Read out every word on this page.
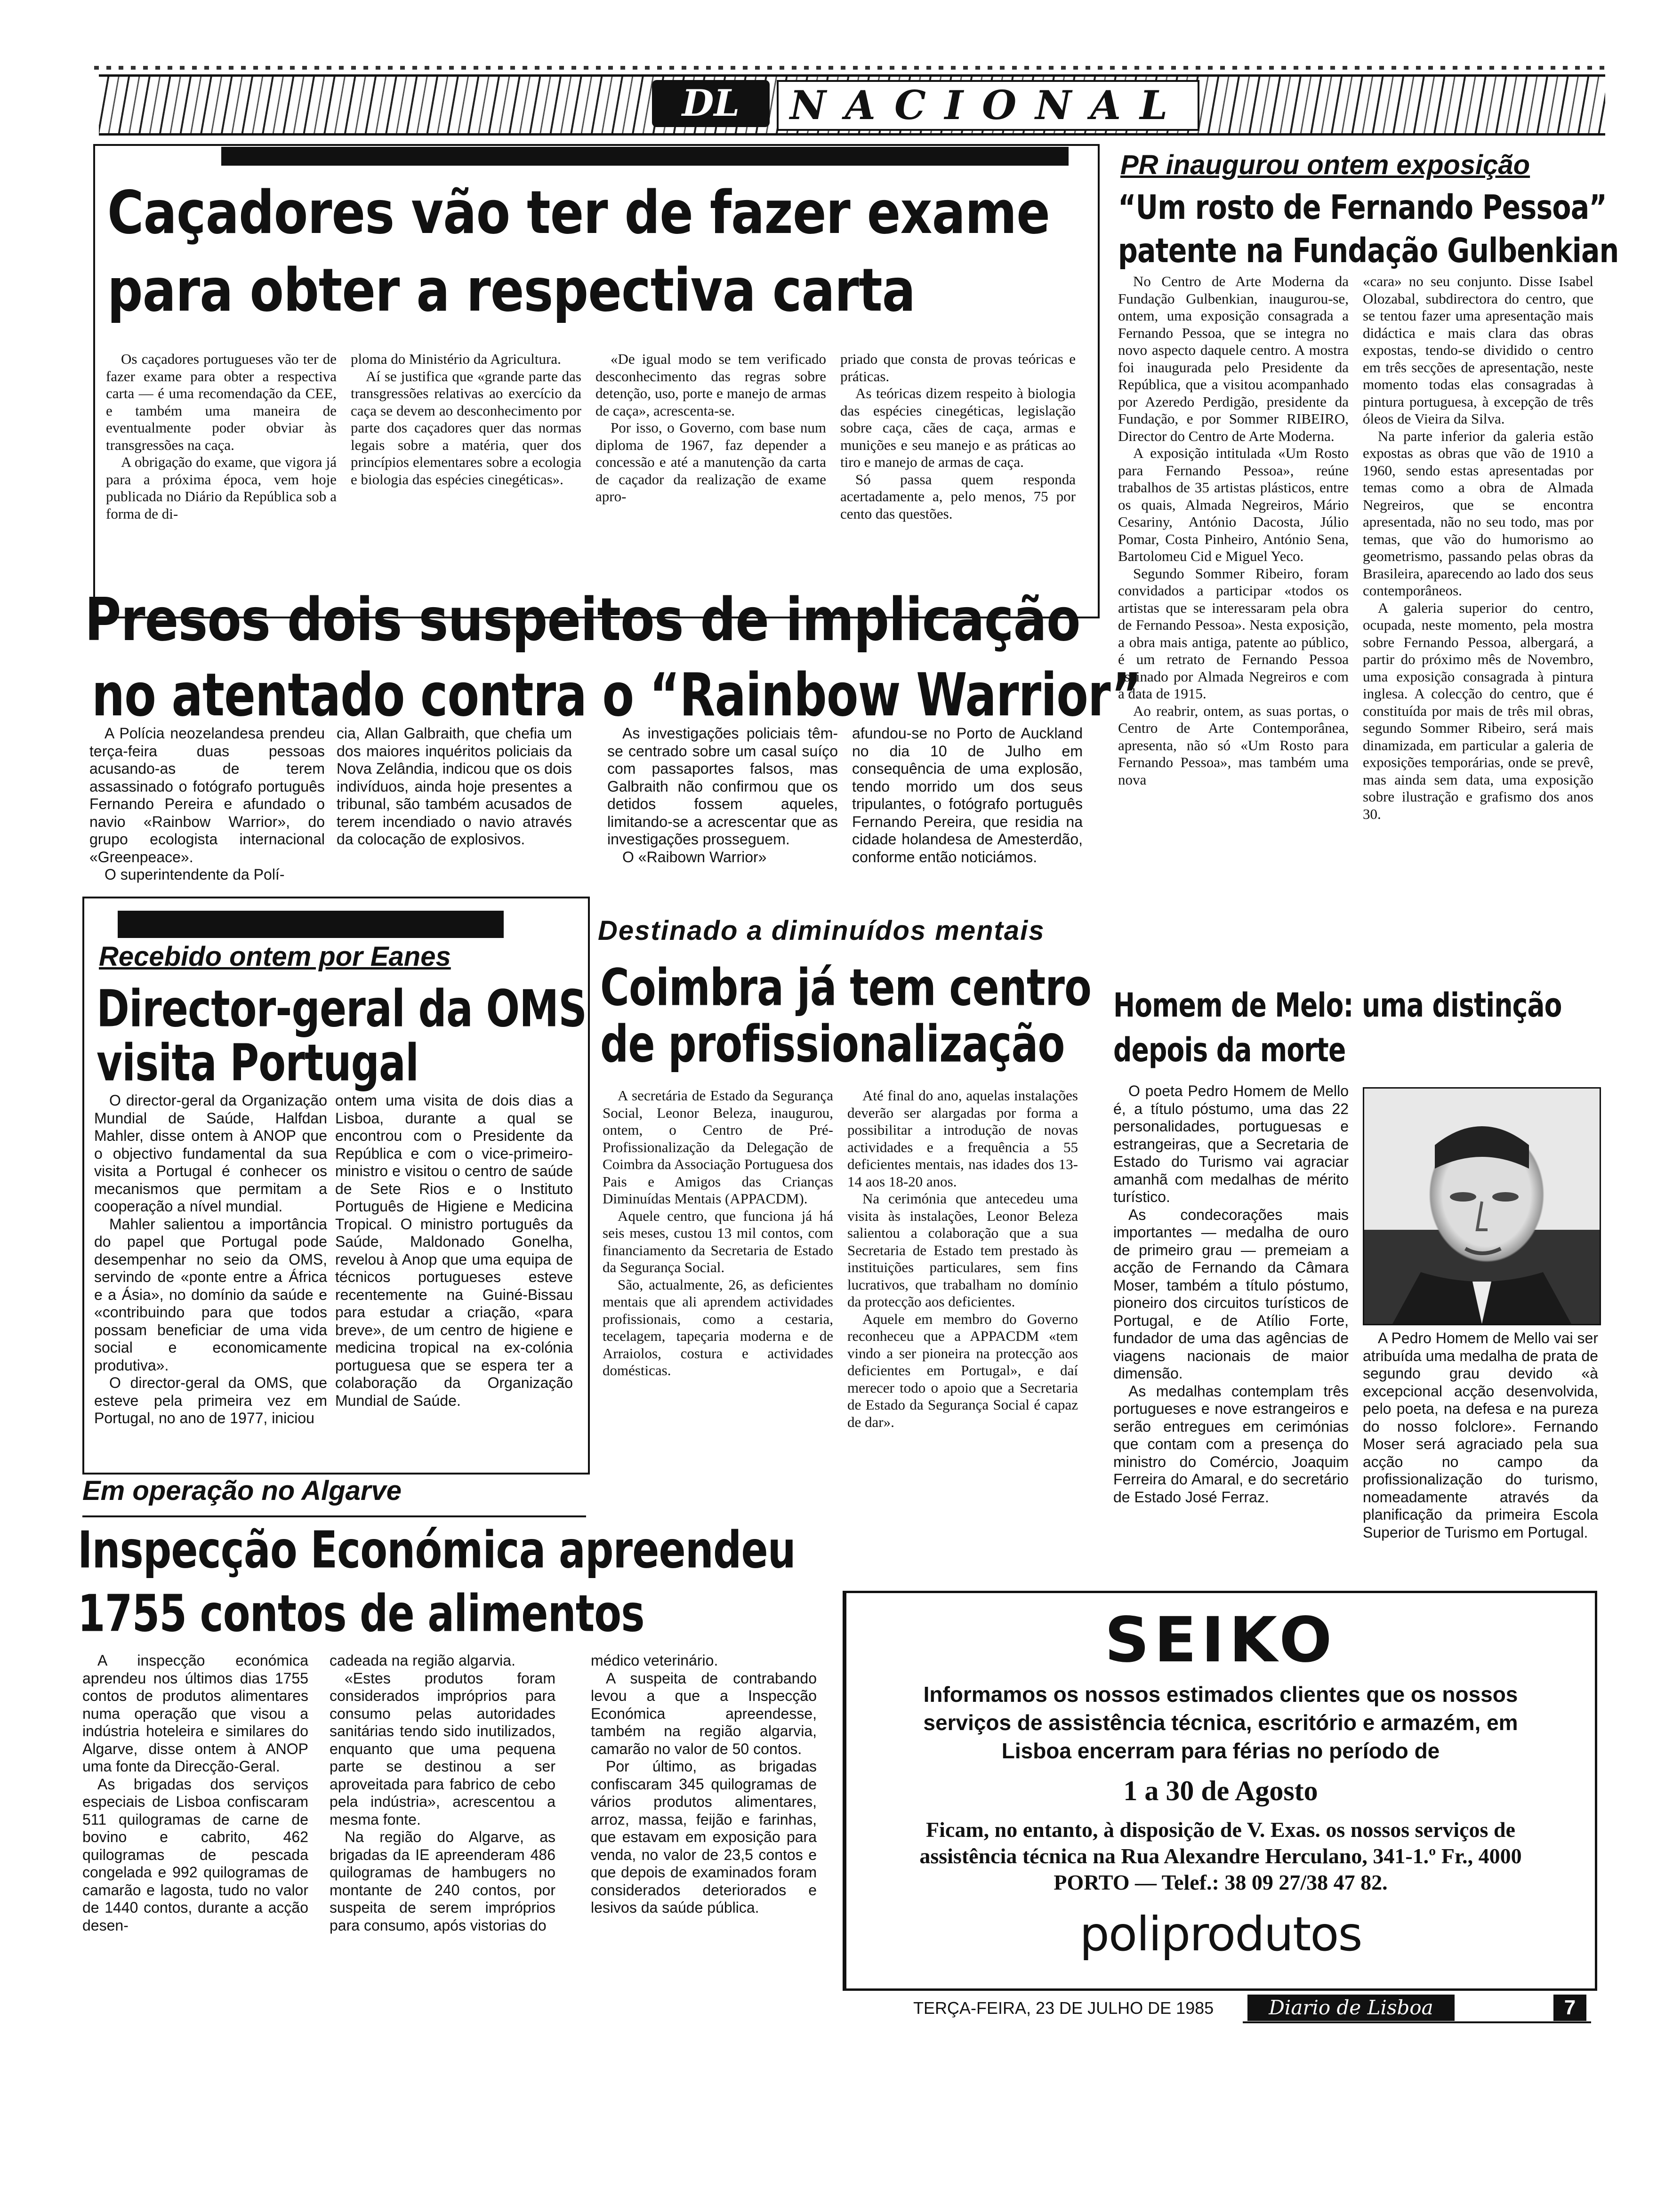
DL	NACIONAL
Caçadores vão ter de fazer exame
para obter a respectiva carta

Os caçadores portugueses vão ter de fazer exame para obter a respectiva carta — é uma recomendação da CEE, e também uma maneira de eventualmente poder obviar às transgressões na caça.

A obrigação do exame, que vigora já para a próxima época, vem hoje publicada no Diário da República sob a forma de di-

ploma do Ministério da Agricultura.

Aí se justifica que «grande parte das transgressões relativas ao exercício da caça se devem ao desconhecimento por parte dos caçadores quer das normas legais sobre a matéria, quer dos princípios elementares sobre a ecologia e biologia das espécies cinegéticas».

«De igual modo se tem verificado desconhecimento das regras sobre detenção, uso, porte e manejo de armas de caça», acrescenta-se.

Por isso, o Governo, com base num diploma de 1967, faz depender a concessão e até a manutenção da carta de caçador da realização de exame apro-

priado que consta de provas teóricas e práticas.

As teóricas dizem respeito à biologia das espécies cinegéticas, legislação sobre caça, cães de caça, armas e munições e seu manejo e as práticas ao tiro e manejo de armas de caça.

Só passa quem responda acertadamente a, pelo menos, 75 por cento das questões.

PR inaugurou ontem exposição
“Um rosto de Fernando Pessoa”
patente na Fundação Gulbenkian

No Centro de Arte Moderna da Fundação Gulbenkian, inaugurou-se, ontem, uma exposição consagrada a Fernando Pessoa, que se integra no novo aspecto daquele centro. A mostra foi inaugurada pelo Presidente da República, que a visitou acompanhado por Azeredo Perdigão, presidente da Fundação, e por Sommer RIBEIRO, Director do Centro de Arte Moderna.

A exposição intitulada «Um Rosto para Fernando Pessoa», reúne trabalhos de 35 artistas plásticos, entre os quais, Almada Negreiros, Mário Cesariny, António Dacosta, Júlio Pomar, Costa Pinheiro, António Sena, Bartolomeu Cid e Miguel Yeco.

Segundo Sommer Ribeiro, foram convidados a participar «todos os artistas que se interessaram pela obra de Fernando Pessoa». Nesta exposição, a obra mais antiga, patente ao público, é um retrato de Fernando Pessoa assinado por Almada Negreiros e com a data de 1915.

Ao reabrir, ontem, as suas portas, o Centro de Arte Contemporânea, apresenta, não só «Um Rosto para Fernando Pessoa», mas também uma nova

«cara» no seu conjunto. Disse Isabel Olozabal, subdirectora do centro, que se tentou fazer uma apresentação mais didáctica e mais clara das obras expostas, tendo-se dividido o centro em três secções de apresentação, neste momento todas elas consagradas à pintura portuguesa, à excepção de três óleos de Vieira da Silva.

Na parte inferior da galeria estão expostas as obras que vão de 1910 a 1960, sendo estas apresentadas por temas como a obra de Almada Negreiros, que se encontra apresentada, não no seu todo, mas por temas, que vão do humorismo ao geometrismo, passando pelas obras da Brasileira, aparecendo ao lado dos seus contemporâneos.

A galeria superior do centro, ocupada, neste momento, pela mostra sobre Fernando Pessoa, albergará, a partir do próximo mês de Novembro, uma exposição consagrada à pintura inglesa. A colecção do centro, que é constituída por mais de três mil obras, segundo Sommer Ribeiro, será mais dinamizada, em particular a galeria de exposições temporárias, onde se prevê, mas ainda sem data, uma exposição sobre ilustração e grafismo dos anos 30.

Presos dois suspeitos de implicação
no atentado contra o “Rainbow Warrior”

A Polícia neozelandesa prendeu terça-feira duas pessoas acusando-as de terem assassinado o fotógrafo português Fernando Pereira e afundado o navio «Rainbow Warrior», do grupo ecologista internacional «Greenpeace».

O superintendente da Polí-

cia, Allan Galbraith, que chefia um dos maiores inquéritos policiais da Nova Zelândia, indicou que os dois indivíduos, ainda hoje presentes a tribunal, são também acusados de terem incendiado o navio através da colocação de explosivos.

As investigações policiais têm-se centrado sobre um casal suíço com passaportes falsos, mas Galbraith não confirmou que os detidos fossem aqueles, limitando-se a acrescentar que as investigações prosseguem.

O «Raibown Warrior»

afundou-se no Porto de Auckland no dia 10 de Julho em consequência de uma explosão, tendo morrido um dos seus tripulantes, o fotógrafo português Fernando Pereira, que residia na cidade holandesa de Amesterdão, conforme então noticiámos.

Recebido ontem por Eanes
Director-geral da OMS
visita Portugal

O director-geral da Organização Mundial de Saúde, Halfdan Mahler, disse ontem à ANOP que o objectivo fundamental da sua visita a Portugal é conhecer os mecanismos que permitam a cooperação a nível mundial.

Mahler salientou a importância do papel que Portugal pode desempenhar no seio da OMS, servindo de «ponte entre a África e a Ásia», no domínio da saúde e «contribuindo para que todos possam beneficiar de uma vida social e economicamente produtiva».

O director-geral da OMS, que esteve pela primeira vez em Portugal, no ano de 1977, iniciou

ontem uma visita de dois dias a Lisboa, durante a qual se encontrou com o Presidente da República e com o vice-primeiro-ministro e visitou o centro de saúde de Sete Rios e o Instituto Português de Higiene e Medicina Tropical. O ministro português da Saúde, Maldonado Gonelha, revelou à Anop que uma equipa de técnicos portugueses esteve recentemente na Guiné-Bissau para estudar a criação, «para breve», de um centro de higiene e medicina tropical na ex-colónia portuguesa que se espera ter a colaboração da Organização Mundial de Saúde.

Destinado a diminuídos mentais
Coimbra já tem centro
de profissionalização

A secretária de Estado da Segurança Social, Leonor Beleza, inaugurou, ontem, o Centro de Pré-Profissionalização da Delegação de Coimbra da Associação Portuguesa dos Pais e Amigos das Crianças Diminuídas Mentais (APPACDM).

Aquele centro, que funciona já há seis meses, custou 13 mil contos, com financiamento da Secretaria de Estado da Segurança Social.

São, actualmente, 26, as deficientes mentais que ali aprendem actividades profissionais, como a cestaria, tecelagem, tapeçaria moderna e de Arraiolos, costura e actividades domésticas.

Até final do ano, aquelas instalações deverão ser alargadas por forma a possibilitar a introdução de novas actividades e a frequência a 55 deficientes mentais, nas idades dos 13-14 aos 18-20 anos.

Na cerimónia que antecedeu uma visita às instalações, Leonor Beleza salientou a colaboração que a sua Secretaria de Estado tem prestado às instituições particulares, sem fins lucrativos, que trabalham no domínio da protecção aos deficientes.

Aquele em membro do Governo reconheceu que a APPACDM «tem vindo a ser pioneira na protecção aos deficientes em Portugal», e daí merecer todo o apoio que a Secretaria de Estado da Segurança Social é capaz de dar».

Homem de Melo: uma distinção
depois da morte

O poeta Pedro Homem de Mello é, a título póstumo, uma das 22 personalidades, portuguesas e estrangeiras, que a Secretaria de Estado do Turismo vai agraciar amanhã com medalhas de mérito turístico.

As condecorações mais importantes — medalha de ouro de primeiro grau — premeiam a acção de Fernando da Câmara Moser, também a título póstumo, pioneiro dos circuitos turísticos de Portugal, e de Atílio Forte, fundador de uma das agências de viagens nacionais de maior dimensão.

As medalhas contemplam três portugueses e nove estrangeiros e serão entregues em cerimónias que contam com a presença do ministro do Comércio, Joaquim Ferreira do Amaral, e do secretário de Estado José Ferraz.

A Pedro Homem de Mello vai ser atribuída uma medalha de prata de segundo grau devido «à excepcional acção desenvolvida, pelo poeta, na defesa e na pureza do nosso folclore». Fernando Moser será agraciado pela sua acção no campo da profissionalização do turismo, nomeadamente através da planificação da primeira Escola Superior de Turismo em Portugal.

Em operação no Algarve
Inspecção Económica apreendeu
1755 contos de alimentos

A inspecção económica aprendeu nos últimos dias 1755 contos de produtos alimentares numa operação que visou a indústria hoteleira e similares do Algarve, disse ontem à ANOP uma fonte da Direcção-Geral.

As brigadas dos serviços especiais de Lisboa confiscaram 511 quilogramas de carne de bovino e cabrito, 462 quilogramas de pescada congelada e 992 quilogramas de camarão e lagosta, tudo no valor de 1440 contos, durante a acção desen-

cadeada na região algarvia.

«Estes produtos foram considerados impróprios para consumo pelas autoridades sanitárias tendo sido inutilizados, enquanto que uma pequena parte se destinou a ser aproveitada para fabrico de cebo pela indústria», acrescentou a mesma fonte.

Na região do Algarve, as brigadas da IE apreenderam 486 quilogramas de hambugers no montante de 240 contos, por suspeita de serem impróprios para consumo, após vistorias do

médico veterinário.

A suspeita de contrabando levou a que a Inspecção Económica apreendesse, também na região algarvia, camarão no valor de 50 contos.

Por último, as brigadas confiscaram 345 quilogramas de vários produtos alimentares, arroz, massa, feijão e farinhas, que estavam em exposição para venda, no valor de 23,5 contos e que depois de examinados foram considerados deteriorados e lesivos da saúde pública.

SEIKO
Informamos os nossos estimados clientes que os nossos serviços de assistência técnica, escritório e armazém, em Lisboa encerram para férias no período de
1 a 30 de Agosto
Ficam, no entanto, à disposição de V. Exas. os nossos serviços de assistência técnica na Rua Alexandre Herculano, 341-1.º Fr., 4000 PORTO — Telef.: 38 09 27/38 47 82.
poliprodutos
TERÇA-FEIRA, 23 DE JULHO DE 1985	Diario de Lisboa	7
